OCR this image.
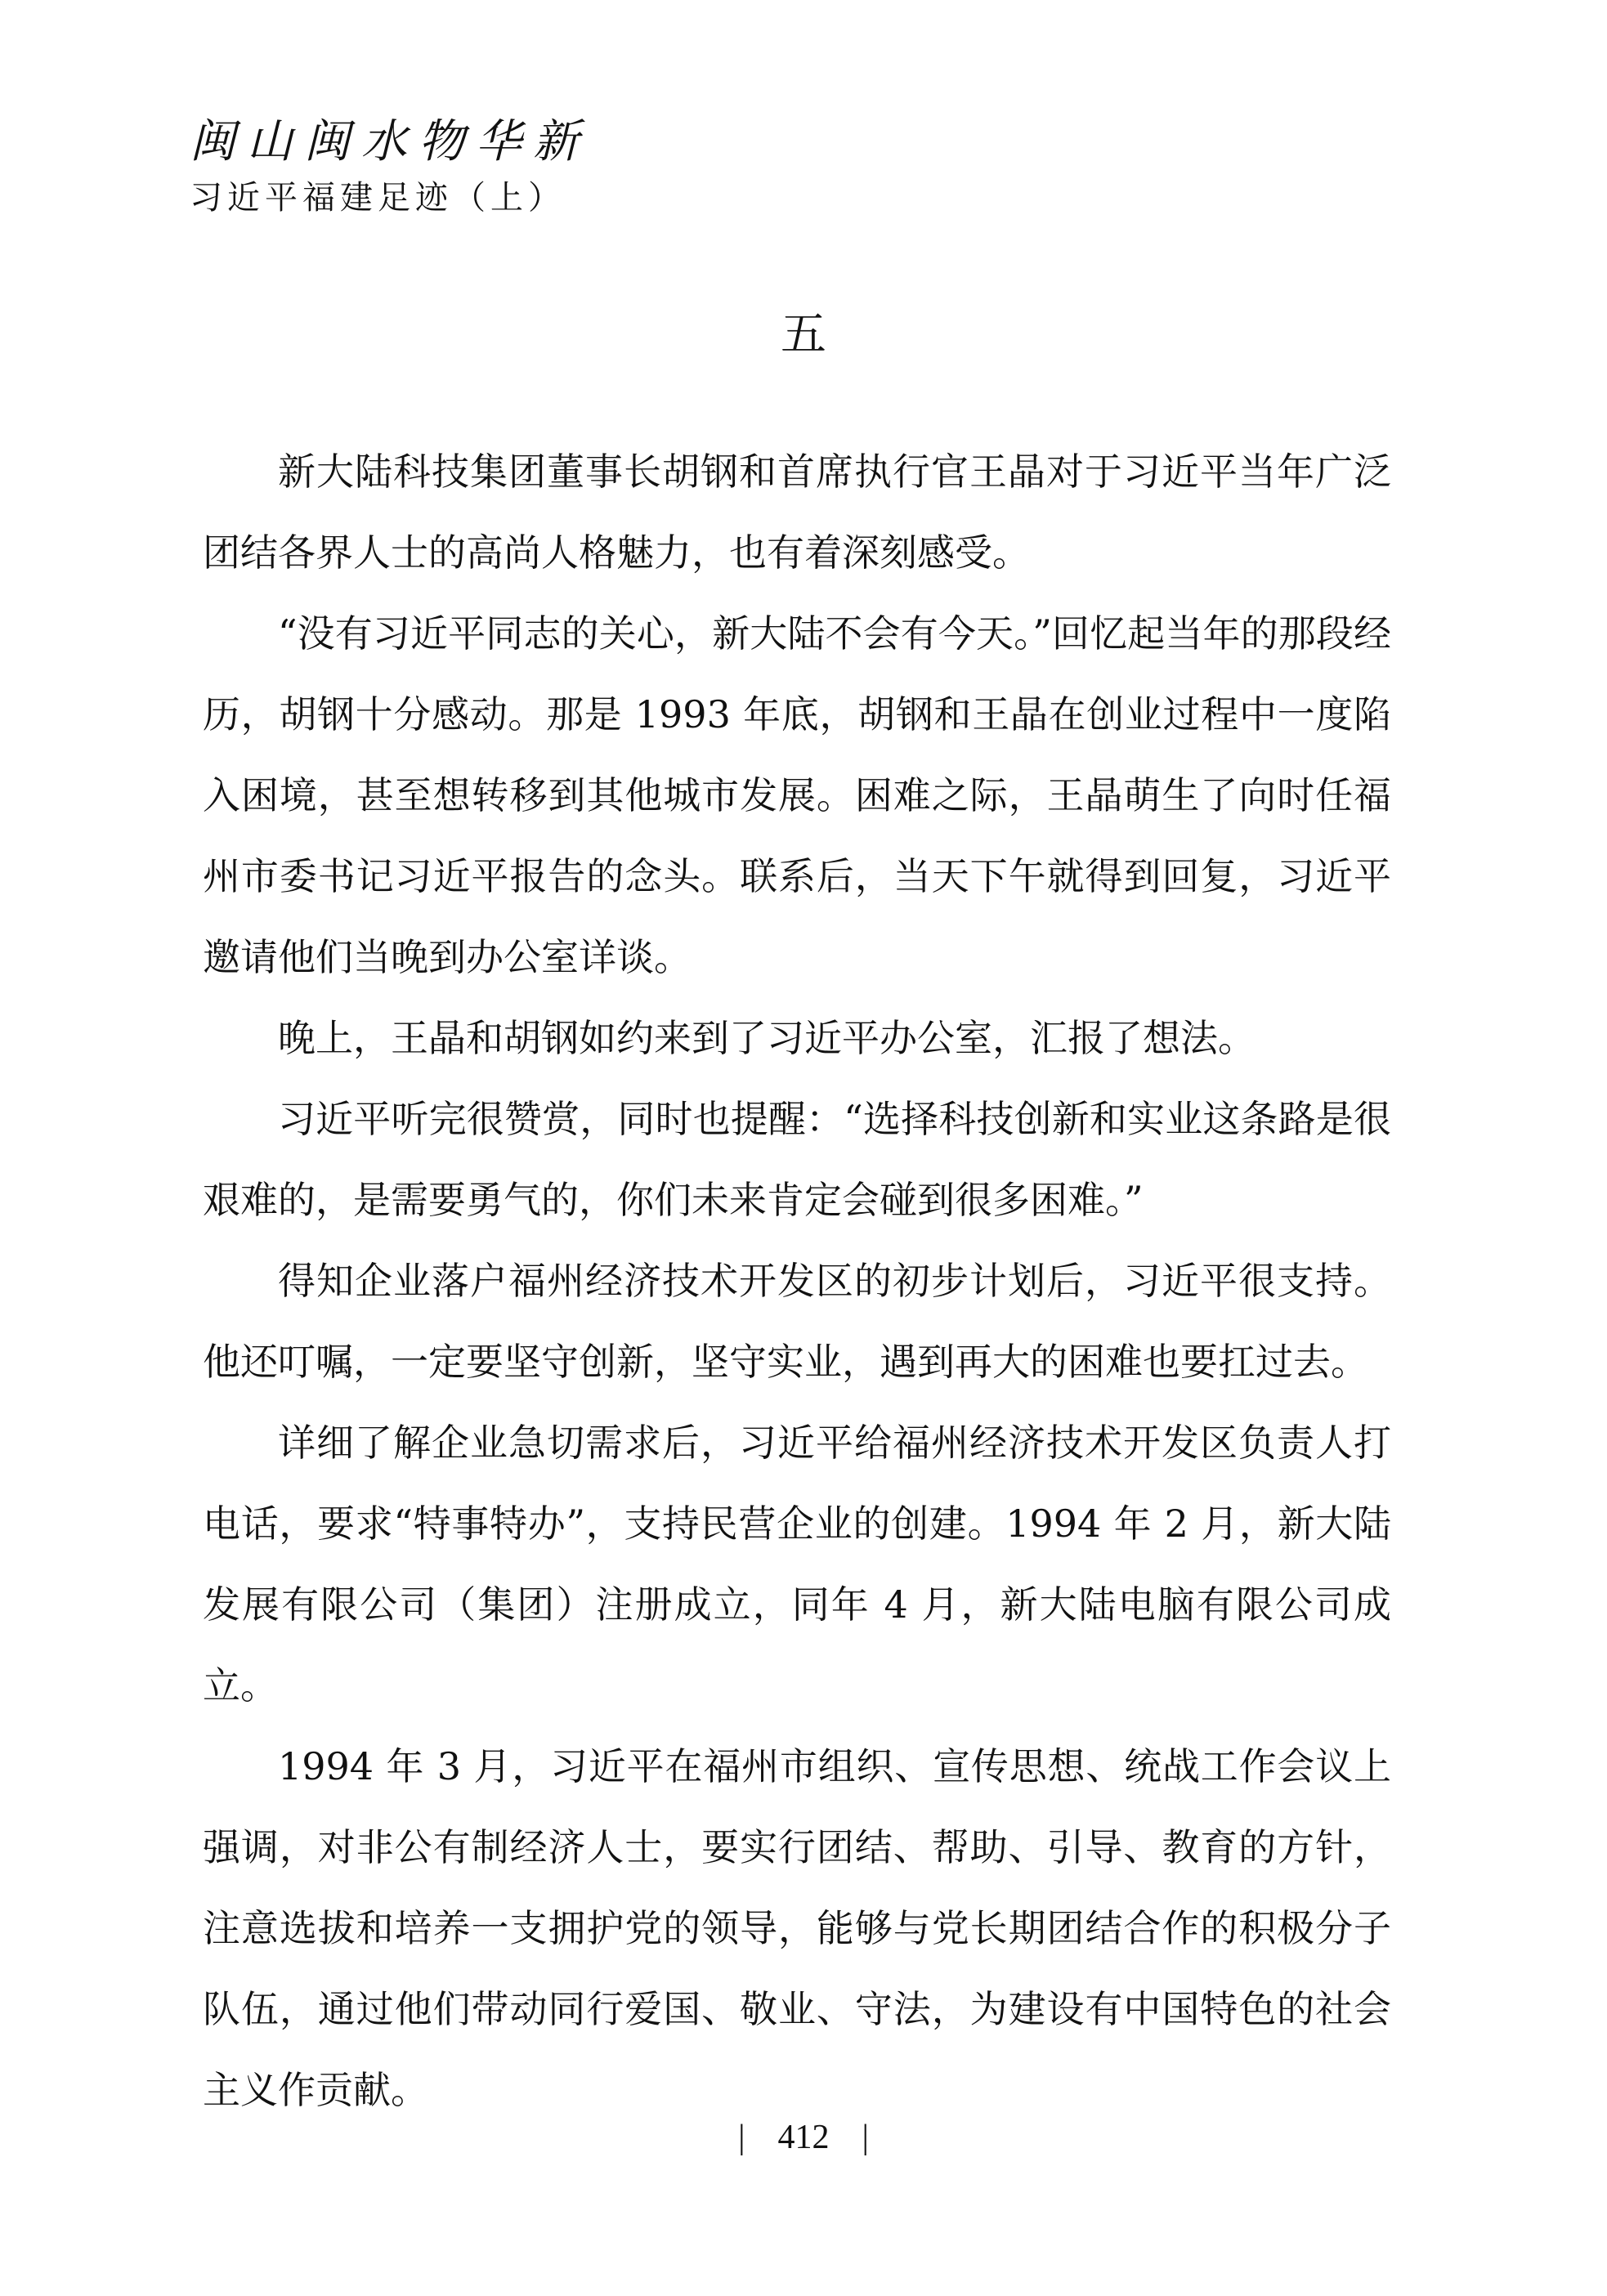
闽山闽水物华新
习近平福建足迹（上）
五

新大陆科技集团董事长胡钢和首席执行官王晶对于习近平当年广泛团结各界人士的高尚人格魅力，也有着深刻感受。

“没有习近平同志的关心，新大陆不会有今天。”回忆起当年的那段经历，胡钢十分感动。那是 1993 年底，胡钢和王晶在创业过程中一度陷入困境，甚至想转移到其他城市发展。困难之际，王晶萌生了向时任福州市委书记习近平报告的念头。联系后，当天下午就得到回复，习近平邀请他们当晚到办公室详谈。

晚上，王晶和胡钢如约来到了习近平办公室，汇报了想法。

习近平听完很赞赏，同时也提醒：“选择科技创新和实业这条路是很艰难的，是需要勇气的，你们未来肯定会碰到很多困难。”

得知企业落户福州经济技术开发区的初步计划后，习近平很支持。他还叮嘱，一定要坚守创新，坚守实业，遇到再大的困难也要扛过去。

详细了解企业急切需求后，习近平给福州经济技术开发区负责人打电话，要求“特事特办”，支持民营企业的创建。1994 年 2 月，新大陆发展有限公司（集团）注册成立，同年 4 月，新大陆电脑有限公司成立。

1994 年 3 月，习近平在福州市组织、宣传思想、统战工作会议上强调，对非公有制经济人士，要实行团结、帮助、引导、教育的方针，注意选拔和培养一支拥护党的领导，能够与党长期团结合作的积极分子队伍，通过他们带动同行爱国、敬业、守法，为建设有中国特色的社会主义作贡献。

| 412 |
